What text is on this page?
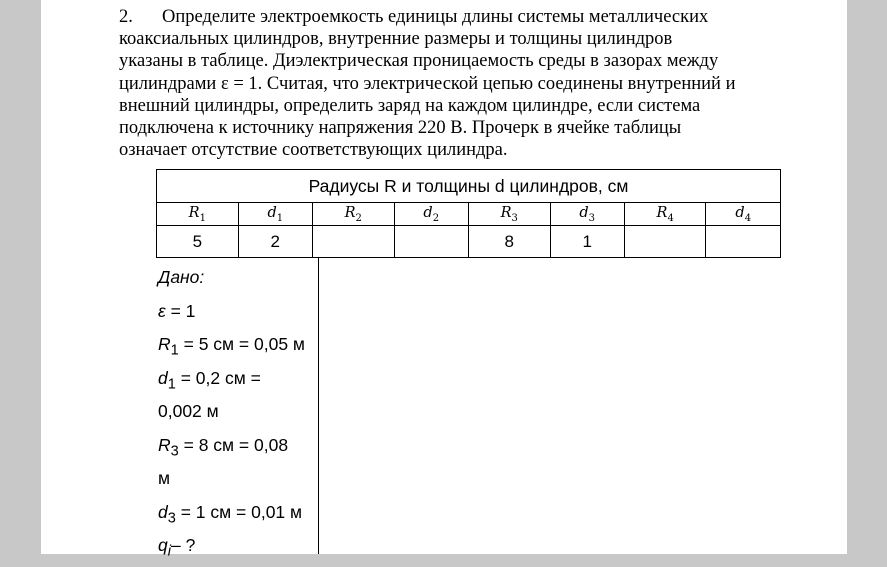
2. Определите электроемкость единицы длины системы металлических
коаксиальных цилиндров, внутренние размеры и толщины цилиндров
указаны в таблице. Диэлектрическая проницаемость среды в зазорах между
цилиндрами ε = 1. Считая, что электрической цепью соединены внутренний и
внешний цилиндры, определить заряд на каждом цилиндре, если система
подключена к источнику напряжения 220 В. Прочерк в ячейке таблицы
означает отсутствие соответствующих цилиндра.
Радиусы R и толщины d цилиндров, см							
$R_1$	$d_1$	$R_2$	$d_2$	$R_3$	$d_3$	$R_4$	$d_4$
5	2			8	1		
Дано:
ε = 1
$R_1 = 5$ см = 0,05 м
$d_1 = 0,2$ см =
0,002 м
$R_3 = 8$ см = 0,08
м
$d_3 = 1$ см = 0,01 м
$q_i-$ ?
